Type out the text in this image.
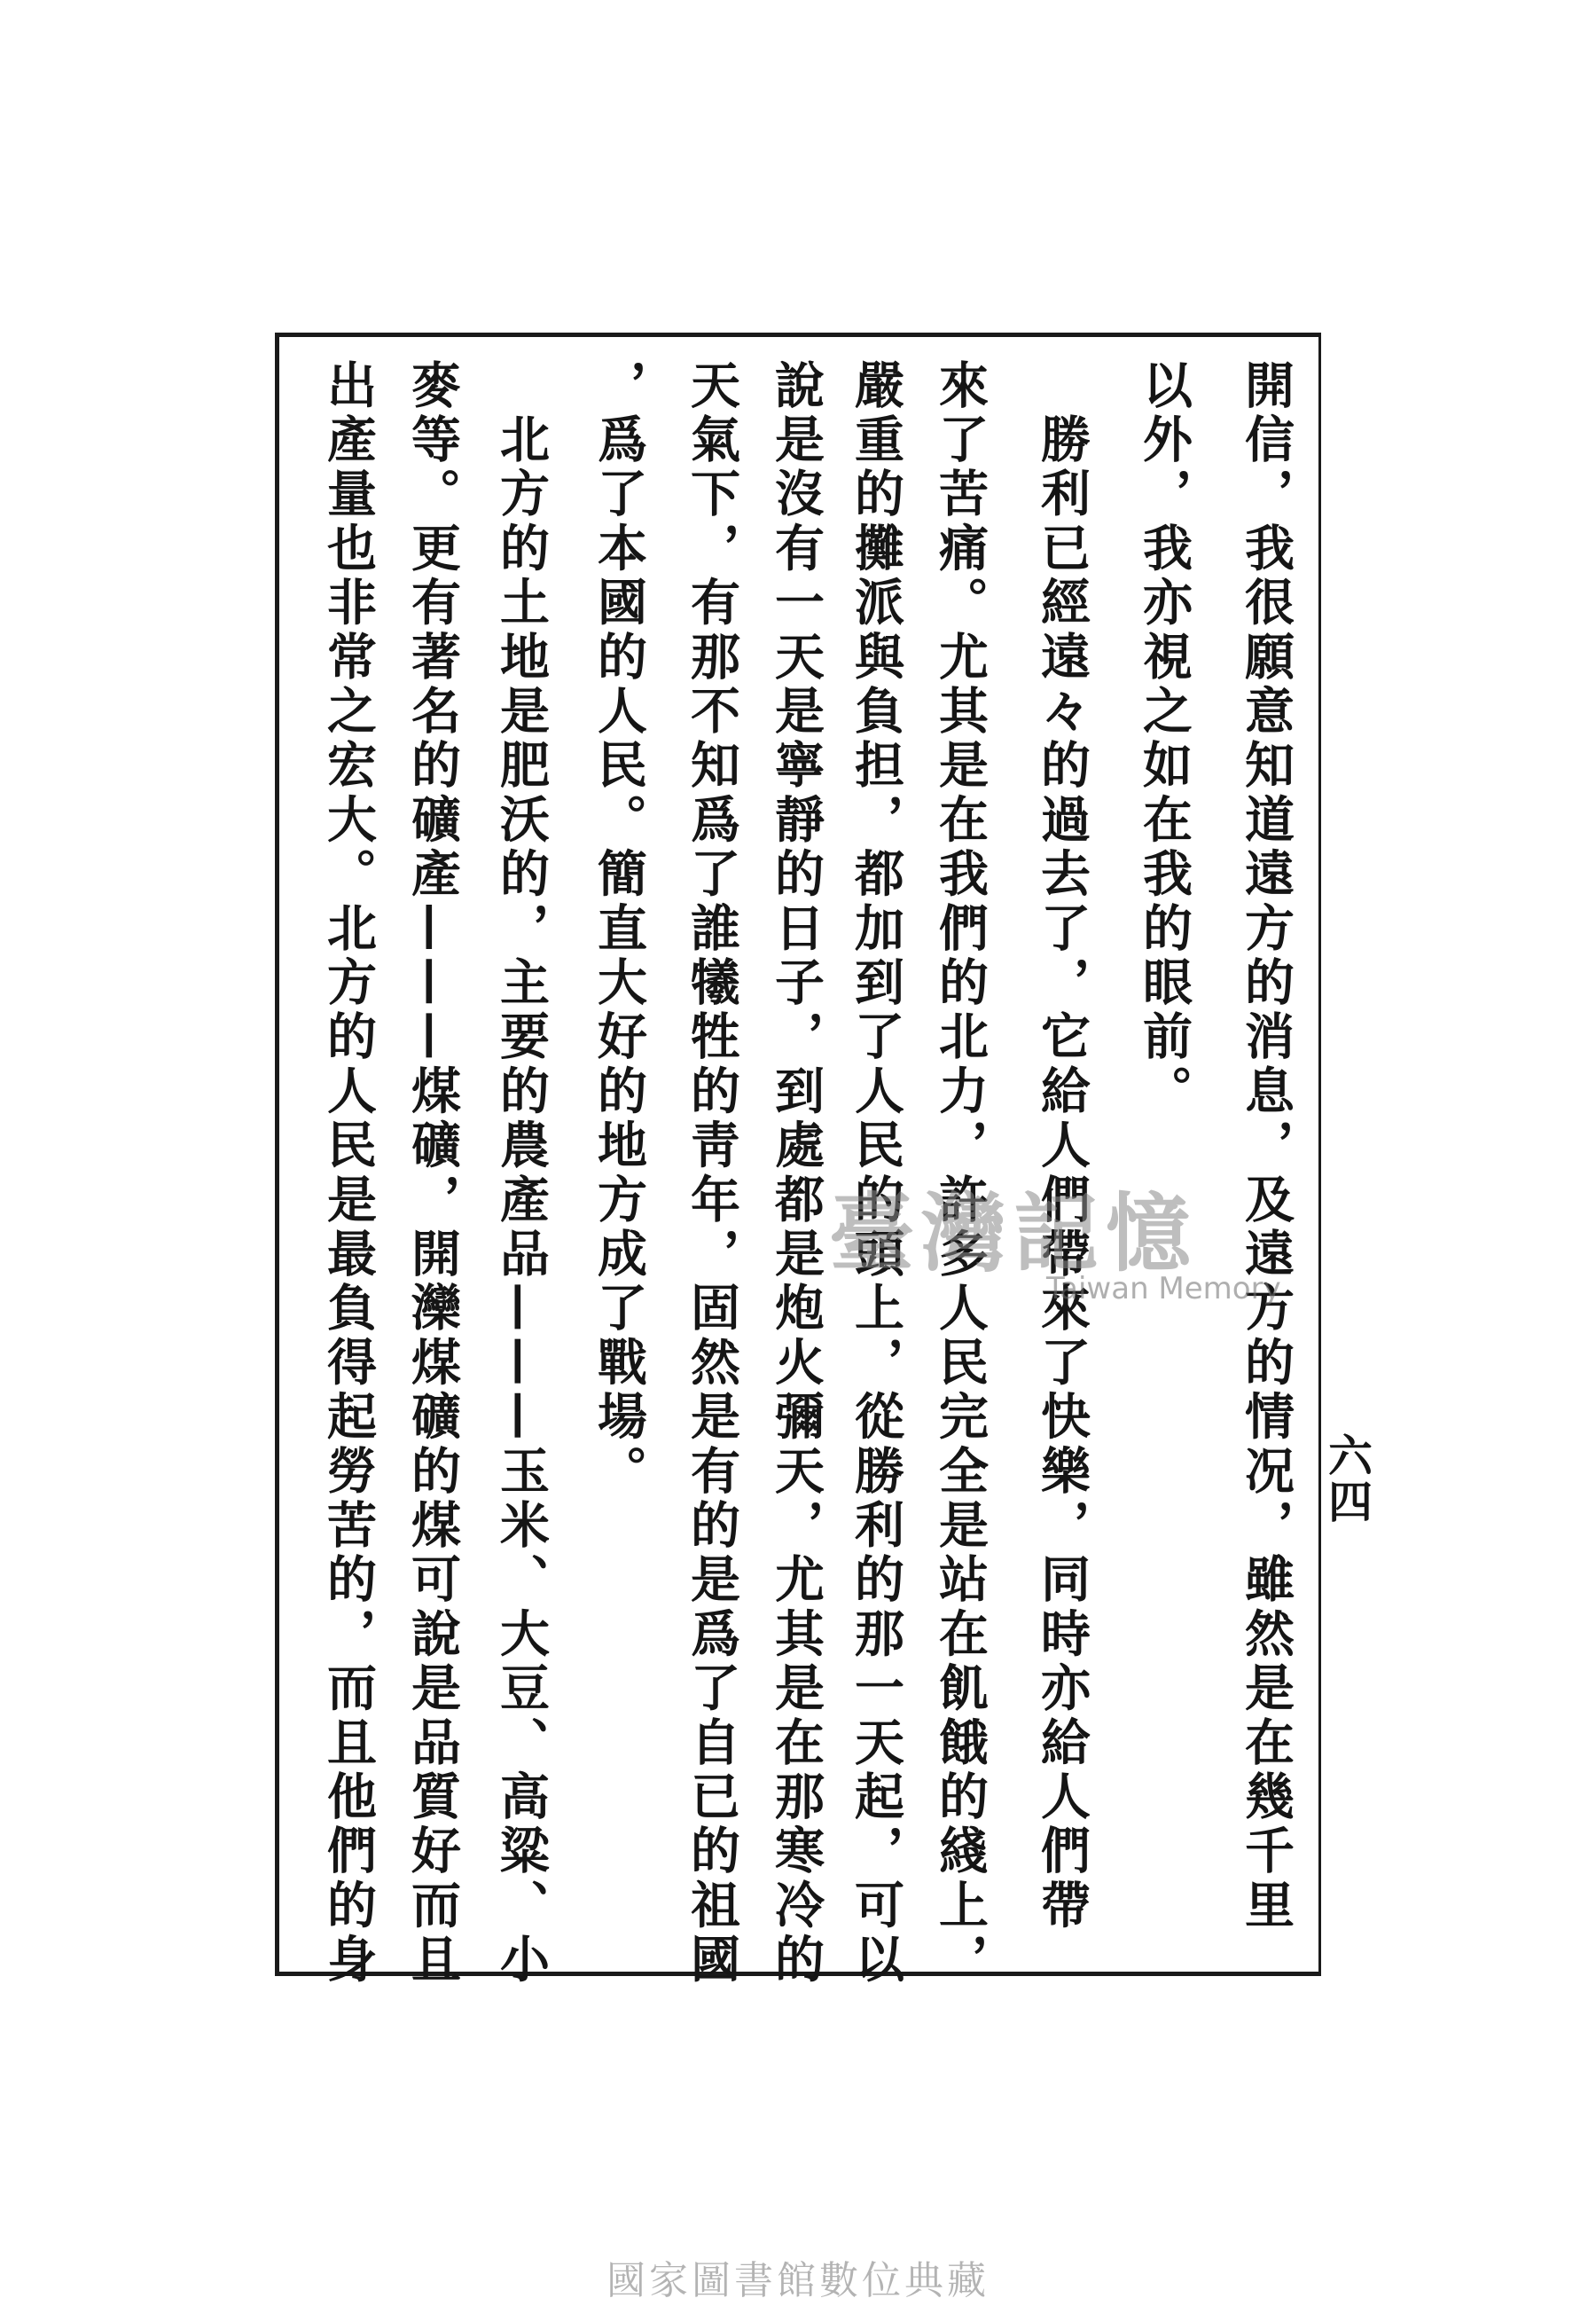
開信，我很願意知道遠方的消息，及遠方的情况，雖然是在幾千里
以外，我亦視之如在我的眼前。
　勝利已經遠々的過去了，它給人們帶來了快樂，同時亦給人們帶
來了苦痛。尤其是在我們的北力，許多人民完全是站在飢餓的綫上，
嚴重的攤派與負担，都加到了人民的頭上，從勝利的那一天起，可以
說是沒有一天是寧靜的日子，到處都是炮火彌天，尤其是在那寒冷的
天氣下，有那不知爲了誰犧牲的靑年，固然是有的是爲了自已的祖國
，爲了本國的人民。簡直大好的地方成了戰場。
　北方的土地是肥沃的，主要的農產品———玉米、大豆、高粱、小
麥等。更有著名的礦產———煤礦，開灤煤礦的煤可說是品質好而且
出產量也非常之宏大。北方的人民是最負得起勞苦的，而且他們的身	六四
臺灣記憶
Taiwan Memory
國家圖書館數位典藏
